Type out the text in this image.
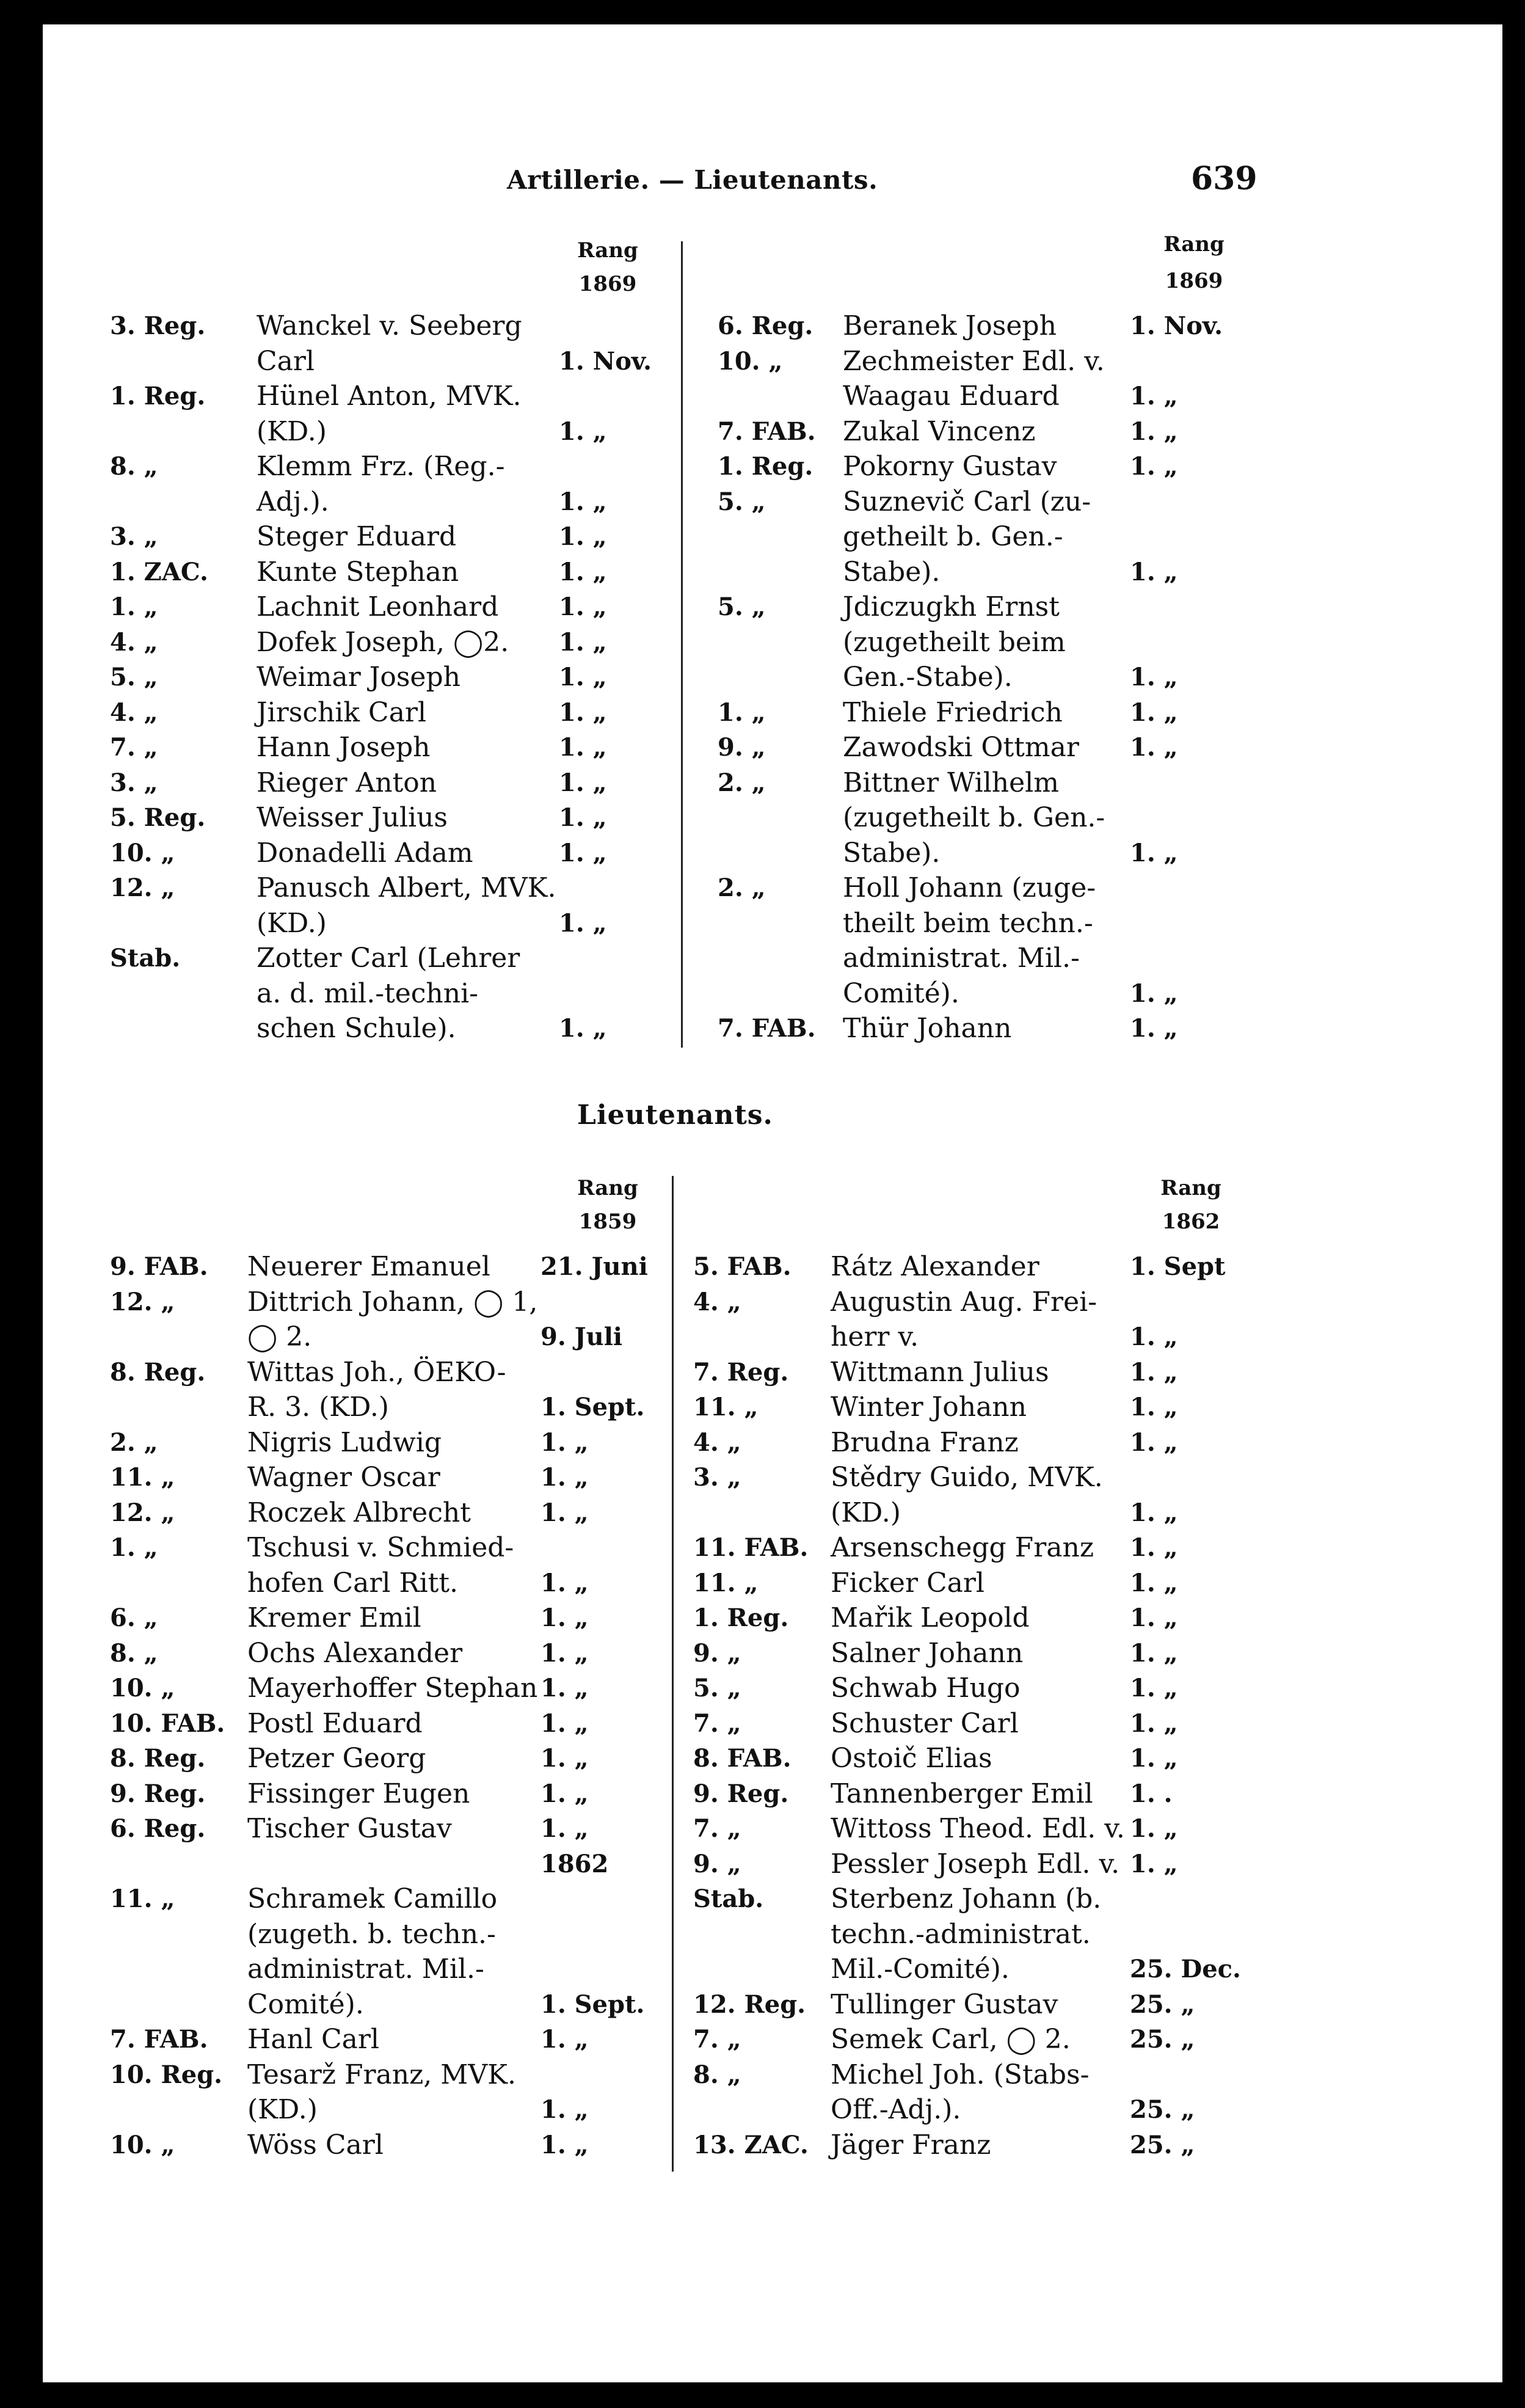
Artillerie. — Lieutenants.	639
Rang
1869
Rang
1869
3. Reg.	Wanckel v. Seeberg
Carl	1. Nov.
1. Reg.	Hünel Anton, MVK.
(KD.)	1. „
8. „	Klemm Frz. (Reg.-
Adj.).	1. „
3. „	Steger Eduard	1. „
1. ZAC.	Kunte Stephan	1. „
1. „	Lachnit Leonhard 1. „
4. „	Dofek Joseph, ◯2. 1. „
5. „	Weimar Joseph	1. „
4. „	Jirschik Carl	1. „
7. „	Hann Joseph	1. „
3. „	Rieger Anton	1. „
5. Reg.	Weisser Julius	1. „
10. „	Donadelli Adam	1. „
12. „	Panusch Albert, MVK.
(KD.)	1. „
Stab.	Zotter Carl (Lehrer
a. d. mil.-techni-
schen Schule).	1. „
6. Reg.	Beranek Joseph	1. Nov.
10. „	Zechmeister Edl. v.
Waagau Eduard	1. „
7. FAB.	Zukal Vincenz	1. „
1. Reg.	Pokorny Gustav	1. „
5. „	Suznevič Carl (zu-
getheilt b. Gen.-
Stabe).	1. „
5. „	Jdiczugkh Ernst
(zugetheilt beim
Gen.-Stabe).	1. „
1. „	Thiele Friedrich	1. „
9. „	Zawodski Ottmar 1. „
2. „	Bittner Wilhelm
(zugetheilt b. Gen.-
Stabe).	1. „
2. „	Holl Johann (zuge-
theilt beim techn.-
administrat. Mil.-
Comité).	1. „
7. FAB.	Thür Johann	1. „
Lieutenants.
Rang
1859
Rang
1862
9. FAB.	Neuerer Emanuel 21. Juni
12. „	Dittrich Johann, ◯ 1,
◯ 2.	9. Juli
8. Reg.	Wittas Joh., ÖEKO-
R. 3. (KD.)	1. Sept.
2. „	Nigris Ludwig	1. „
11. „	Wagner Oscar	1. „
12. „	Roczek Albrecht	1. „
1. „	Tschusi v. Schmied-
hofen Carl Ritt.	1. „
6. „	Kremer Emil	1. „
8. „	Ochs Alexander	1. „
10. „	Mayerhoffer Stephan 1. „
10. FAB. Postl Eduard	1. „
8. Reg.	Petzer Georg	1. „
9. Reg.	Fissinger Eugen	1. „
6. Reg.	Tischer Gustav	1. „
1862
11. „	Schramek Camillo
(zugeth. b. techn.-
administrat. Mil.-
Comité).	1. Sept.
7. FAB.	Hanl Carl	1. „
10. Reg. Tesarž Franz, MVK.
(KD.)	1. „
10. „	Wöss Carl	1. „
5. FAB.	Rátz Alexander	1. Sept
4. „	Augustin Aug. Frei-
herr v.	1. „
7. Reg.	Wittmann Julius	1. „
11. „	Winter Johann	1. „
4. „	Brudna Franz	1. „
3. „	Stědry Guido, MVK.
(KD.)	1. „
11. FAB. Arsenschegg Franz 1. „
11. „	Ficker Carl	1. „
1. Reg.	Mařik Leopold	1. „
9. „	Salner Johann	1. „
5. „	Schwab Hugo	1. „
7. „	Schuster Carl	1. „
8. FAB.	Ostoič Elias	1. „
9. Reg.	Tannenberger Emil 1. .
7. „	Wittoss Theod. Edl. v. 1. „
9. „	Pessler Joseph Edl. v. 1. „
Stab.	Sterbenz Johann (b.
techn.-administrat.
Mil.-Comité).	25. Dec.
12. Reg. Tullinger Gustav	25. „
7. „	Semek Carl, ◯ 2. 25. „
8. „	Michel Joh. (Stabs-
Off.-Adj.).	25. „
13. ZAC. Jäger Franz	25. „
